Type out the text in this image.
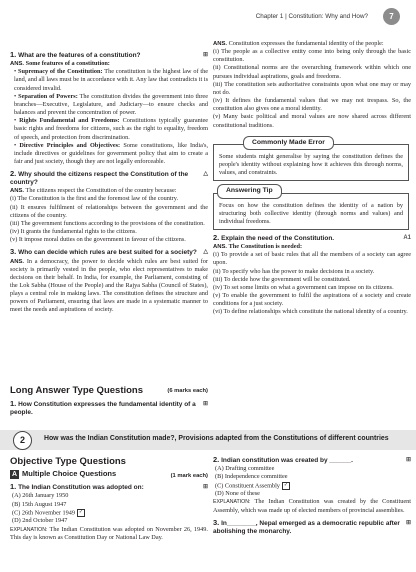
Chapter 1 | Constitution: Why and How?	7
1. What are the features of a constitution?	⊞

ANS. Some features of a constitution:

• Supremacy of the Constitution: The constitution is the highest law of the land, and all laws must be in accordance with it. Any law that contradicts it is considered invalid.

• Separation of Powers: The constitution divides the government into three branches—Executive, Legislature, and Judiciary—to ensure checks and balances and prevent the concentration of power.

• Rights Fundamental and Freedoms: Constitutions typically guarantee basic rights and freedoms for citizens, such as the right to equality, freedom of speech, and protection from discrimination.

• Directive Principles and Objectives: Some constitutions, like India's, include directives or guidelines for government policy that aim to create a fair and just society, though they are not legally enforceable.

2. Why should the citizens respect the Constitution of the country?
△

ANS. The citizens respect the Constitution of the country because:

(i) The Constitution is the first and the foremost law of the country.

(ii) It ensures fulfilment of relationships between the government and the citizens of the country.

(iii) The government functions according to the provisions of the constitution.

(iv) It grants the fundamental rights to the citizens.

(v) It impose moral duties on the government in favour of the citizens.

3. Who can decide which rules are best suited for a society? △

ANS. In a democracy, the power to decide which rules are best suited for society is primarily vested in the people, who elect representatives to make decisions on their behalf. In India, for example, the Parliament, consisting of the Lok Sabha (House of the People) and the Rajya Sabha (Council of States), plays a central role in making laws. The constitution defines the structure and powers of Parliament, ensuring that laws are made in a systematic manner to meet the needs and aspirations of society.

Long Answer Type Questions	(6 marks each)
1. How Constitution expresses the fundamental identity of a people.
⊞

ANS. Constitution expresses the fundamental identity of the people:

(i) The people as a collective entity come into being only through the basic constitution.

(ii) Constitutional norms are the overarching framework within which one pursues individual aspirations, goals and freedoms.

(iii) The constitution sets authoritative constraints upon what one may or may not do.

(iv) It defines the fundamental values that we may not trespass. So, the constitution also gives one a moral identity.

(v) Many basic political and moral values are now shared across different constitutional traditions.

Commonly Made Error

Some students might generalise by saying the constitution defines the people's identity without explaining how it achieves this through norms, values, and constraints.

Answering Tip

Focus on how the constitution defines the identity of a nation by structuring both collective identity (through norms and values) and individual freedoms.

2. Explain the need of the Constitution.	A1

ANS. The Constitution is needed:

(i) To provide a set of basic rules that all the members of a society can agree upon.

(ii) To specify who has the power to make decisions in a society.

(iii) To decide how the government will be constituted.

(iv) To set some limits on what a government can impose on its citizens.

(v) To enable the government to fulfil the aspirations of a society and create conditions for a just society.

(vi) To define relationships which constitute the national identity of a country.

2	How was the Indian Constitution made?, Provisions adapted from the Constitutions of different countries
Objective Type Questions
A Multiple Choice Questions	(1 mark each)
1. The Indian Constitution was adopted on:	⊞

(A) 26th January 1950

(B) 15th August 1947

(C) 26th November 1949 ✓

(D) 2nd October 1947

EXPLANATION: The Indian Constitution was adopted on November 26, 1949. This day is known as Constitution Day or National Law Day.

2. Indian constitution was created by ______.	⊞

(A) Drafting committee

(B) Independence committee

(C) Constituent Assembly ✓

(D) None of these

EXPLANATION: The Indian Constitution was created by the Constituent Assembly, which was made up of elected members of provincial assemblies.

3. In________, Nepal emerged as a democratic republic after abolishing the monarchy.
⊞
